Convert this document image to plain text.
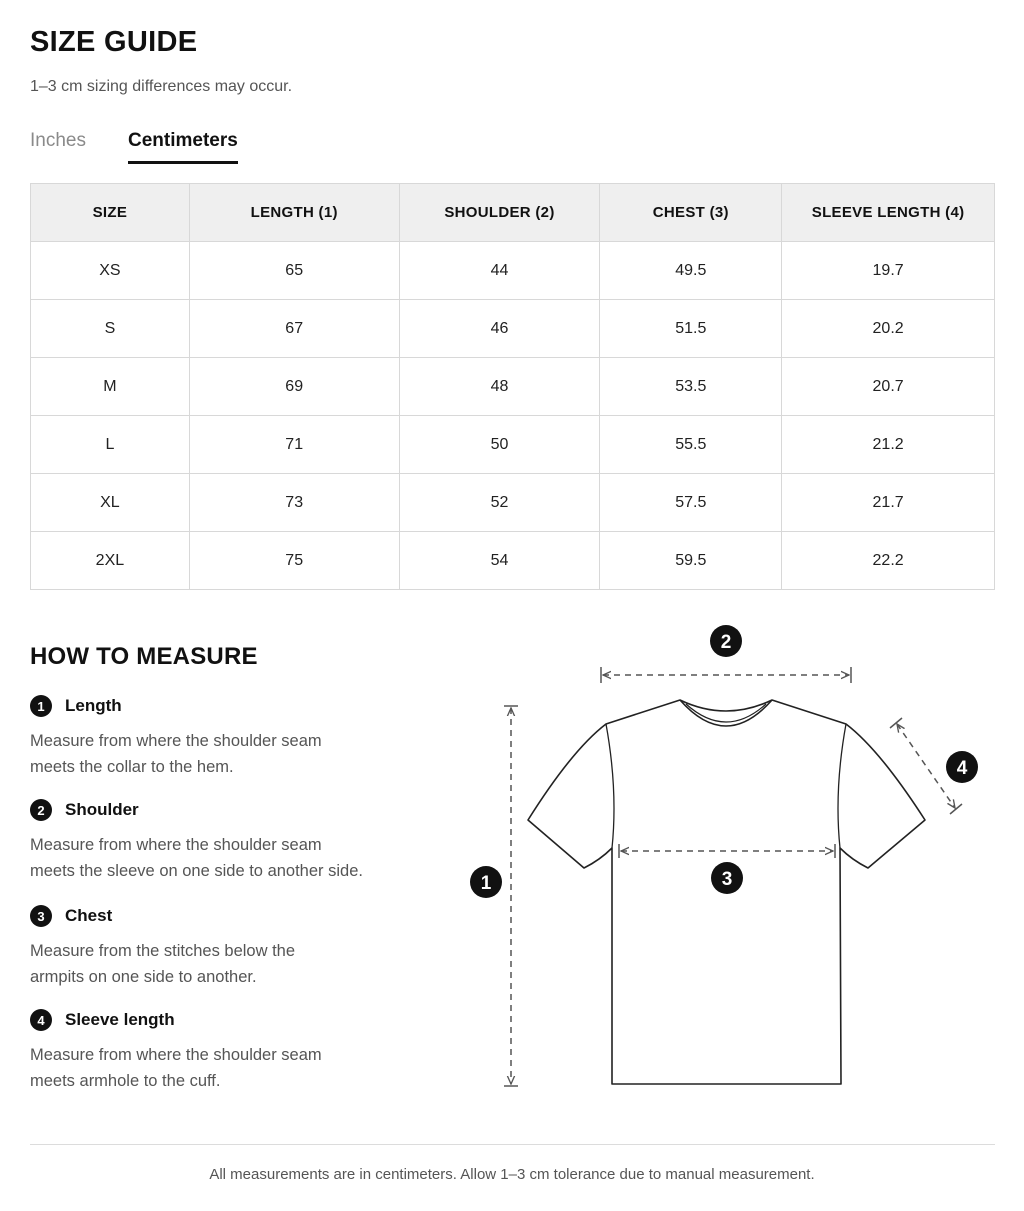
SIZE GUIDE
1–3 cm sizing differences may occur.
Inches Centimeters
SIZE	LENGTH (1)	SHOULDER (2)	CHEST (3)	SLEEVE LENGTH (4)
XS	65	44	49.5	19.7
S	67	46	51.5	20.2
M	69	48	53.5	20.7
L	71	50	55.5	21.2
XL	73	52	57.5	21.7
2XL	75	54	59.5	22.2
HOW TO MEASURE
1	Length
Measure from where the shoulder seam
meets the collar to the hem.
2	Shoulder
Measure from where the shoulder seam
meets the sleeve on one side to another side.
3	Chest
Measure from the stitches below the
armpits on one side to another.
4	Sleeve length
Measure from where the shoulder seam
meets armhole to the cuff.
2
1	3
4
All measurements are in centimeters. Allow 1–3 cm tolerance due to manual measurement.
